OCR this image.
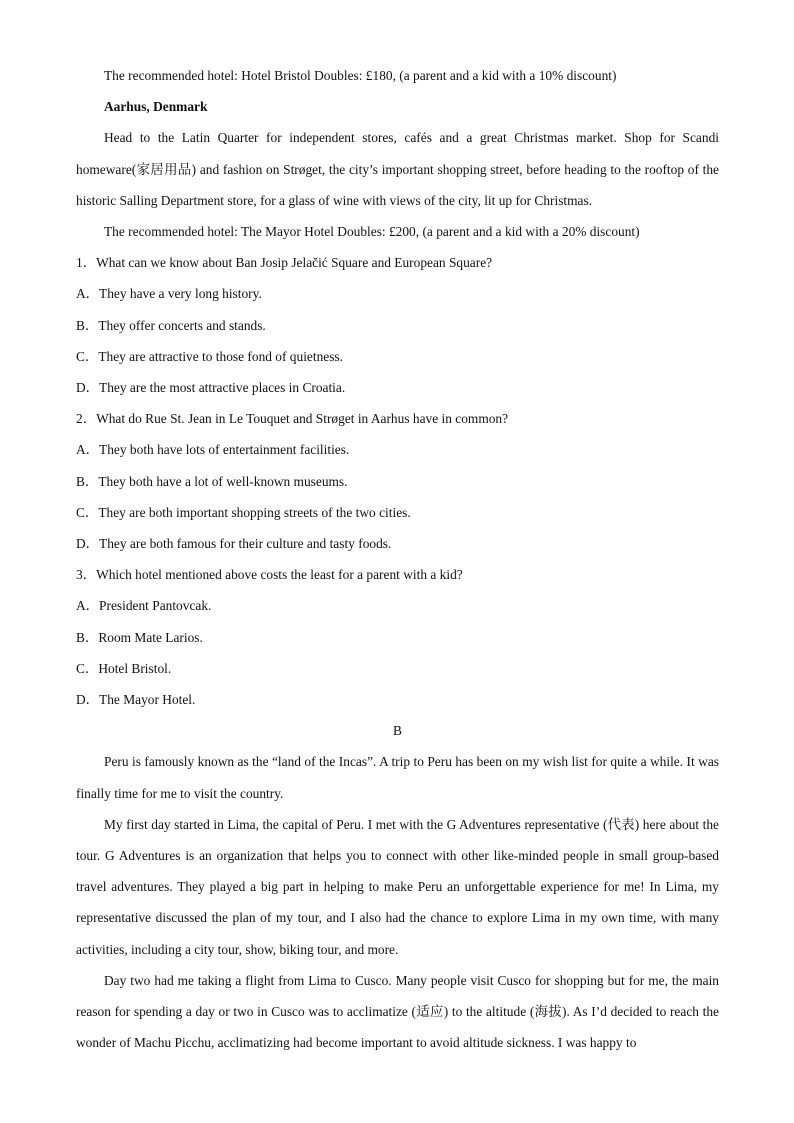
The recommended hotel: Hotel Bristol Doubles: £180, (a parent and a kid with a 10% discount)

Aarhus, Denmark

Head to the Latin Quarter for independent stores, cafés and a great Christmas market. Shop for Scandi homeware(家居用品) and fashion on Strøget, the city’s important shopping street, before heading to the rooftop of the historic Salling Department store, for a glass of wine with views of the city, lit up for Christmas.

The recommended hotel: The Mayor Hotel Doubles: £200, (a parent and a kid with a 20% discount)

1．What can we know about Ban Josip Jelačić Square and European Square?

A．They have a very long history.

B．They offer concerts and stands.

C．They are attractive to those fond of quietness.

D．They are the most attractive places in Croatia.

2．What do Rue St. Jean in Le Touquet and Strøget in Aarhus have in common?

A．They both have lots of entertainment facilities.

B．They both have a lot of well-known museums.

C．They are both important shopping streets of the two cities.

D．They are both famous for their culture and tasty foods.

3．Which hotel mentioned above costs the least for a parent with a kid?

A．President Pantovcak.

B．Room Mate Larios.

C．Hotel Bristol.

D．The Mayor Hotel.

B

Peru is famously known as the “land of the Incas”. A trip to Peru has been on my wish list for quite a while. It was finally time for me to visit the country.

My first day started in Lima, the capital of Peru. I met with the G Adventures representative (代表) here about the tour. G Adventures is an organization that helps you to connect with other like-minded people in small group-based travel adventures. They played a big part in helping to make Peru an unforgettable experience for me! In Lima, my representative discussed the plan of my tour, and I also had the chance to explore Lima in my own time, with many activities, including a city tour, show, biking tour, and more.

Day two had me taking a flight from Lima to Cusco. Many people visit Cusco for shopping but for me, the main reason for spending a day or two in Cusco was to acclimatize (适应) to the altitude (海拔). As I’d decided to reach the wonder of Machu Picchu, acclimatizing had become important to avoid altitude sickness. I was happy to
